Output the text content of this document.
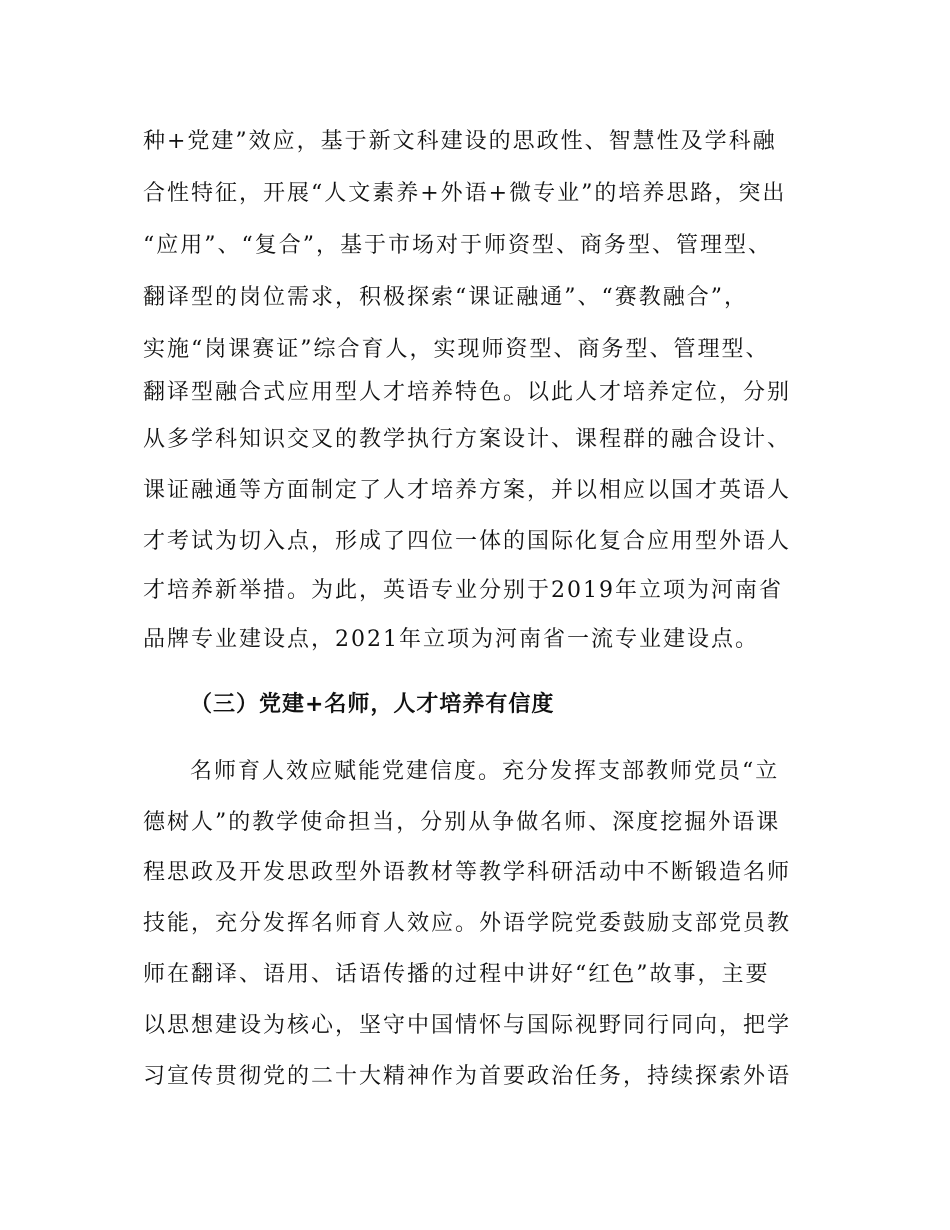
种+党建”效应，基于新文科建设的思政性、智慧性及学科融
合性特征，开展“人文素养+外语+微专业”的培养思路，突出
“应用”、“复合”，基于市场对于师资型、商务型、管理型、
翻译型的岗位需求，积极探索“课证融通”、“赛教融合”，
实施“岗课赛证”综合育人，实现师资型、商务型、管理型、
翻译型融合式应用型人才培养特色。以此人才培养定位，分别
从多学科知识交叉的教学执行方案设计、课程群的融合设计、
课证融通等方面制定了人才培养方案，并以相应以国才英语人
才考试为切入点，形成了四位一体的国际化复合应用型外语人
才培养新举措。为此，英语专业分别于2019年立项为河南省
品牌专业建设点，2021年立项为河南省一流专业建设点。
（三）党建+名师，人才培养有信度
名师育人效应赋能党建信度。充分发挥支部教师党员“立
德树人”的教学使命担当，分别从争做名师、深度挖掘外语课
程思政及开发思政型外语教材等教学科研活动中不断锻造名师
技能，充分发挥名师育人效应。外语学院党委鼓励支部党员教
师在翻译、语用、话语传播的过程中讲好“红色”故事，主要
以思想建设为核心，坚守中国情怀与国际视野同行同向，把学
习宣传贯彻党的二十大精神作为首要政治任务，持续探索外语
